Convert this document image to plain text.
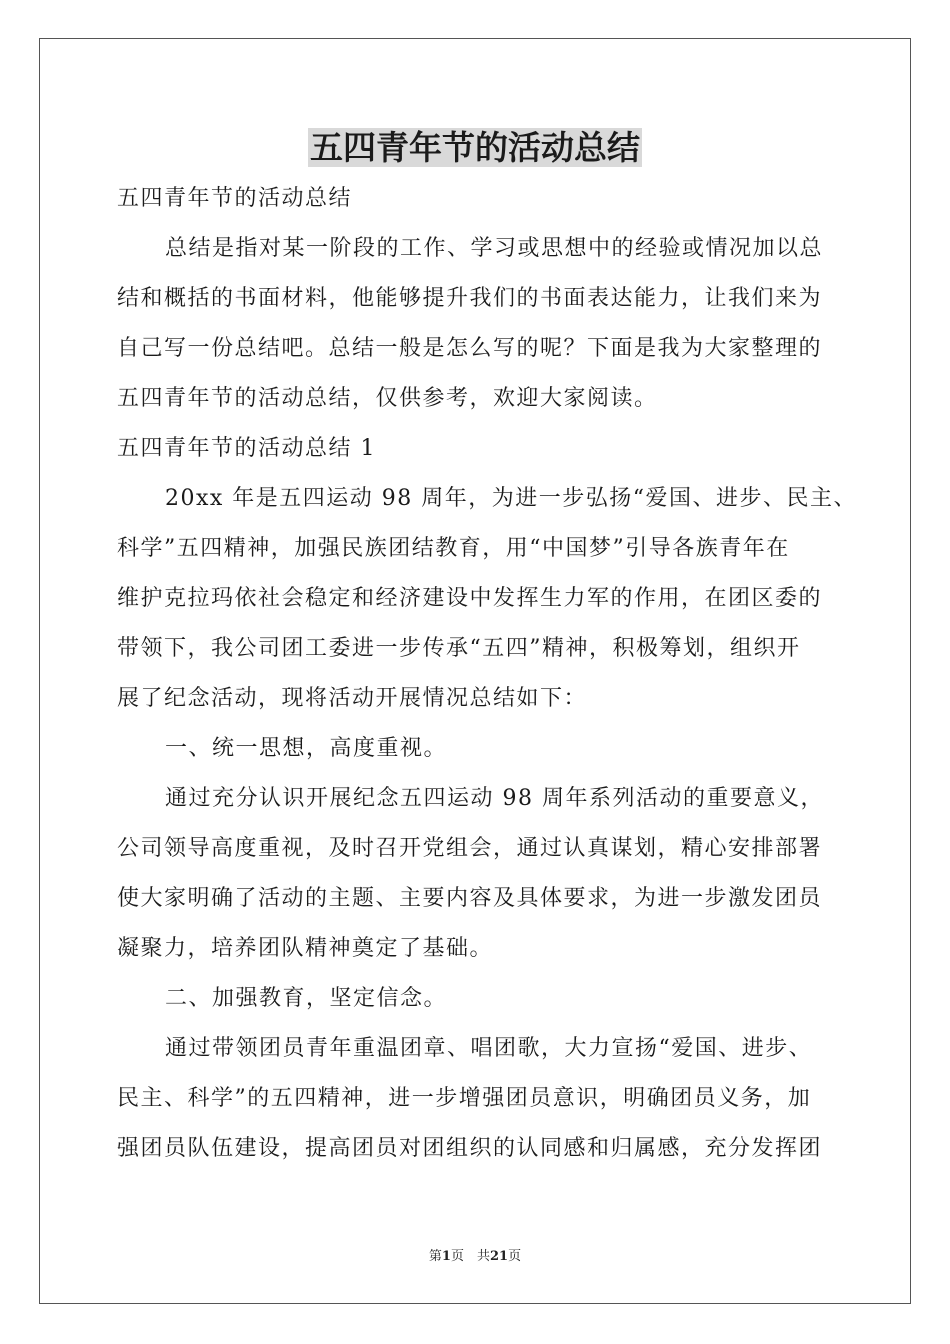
五四青年节的活动总结
五四青年节的活动总结
总结是指对某一阶段的工作、学习或思想中的经验或情况加以总
结和概括的书面材料，他能够提升我们的书面表达能力，让我们来为
自己写一份总结吧。总结一般是怎么写的呢？下面是我为大家整理的
五四青年节的活动总结，仅供参考，欢迎大家阅读。
五四青年节的活动总结 1
20xx 年是五四运动 98 周年，为进一步弘扬“爱国、进步、民主、
科学”五四精神，加强民族团结教育，用“中国梦”引导各族青年在
维护克拉玛依社会稳定和经济建设中发挥生力军的作用，在团区委的
带领下，我公司团工委进一步传承“五四”精神，积极筹划，组织开
展了纪念活动，现将活动开展情况总结如下：
一、统一思想，高度重视。
通过充分认识开展纪念五四运动 98 周年系列活动的重要意义，
公司领导高度重视，及时召开党组会，通过认真谋划，精心安排部署
使大家明确了活动的主题、主要内容及具体要求，为进一步激发团员
凝聚力，培养团队精神奠定了基础。
二、加强教育，坚定信念。
通过带领团员青年重温团章、唱团歌，大力宣扬“爱国、进步、
民主、科学”的五四精神，进一步增强团员意识，明确团员义务，加
强团员队伍建设，提高团员对团组织的认同感和归属感，充分发挥团
第1页　共21页
